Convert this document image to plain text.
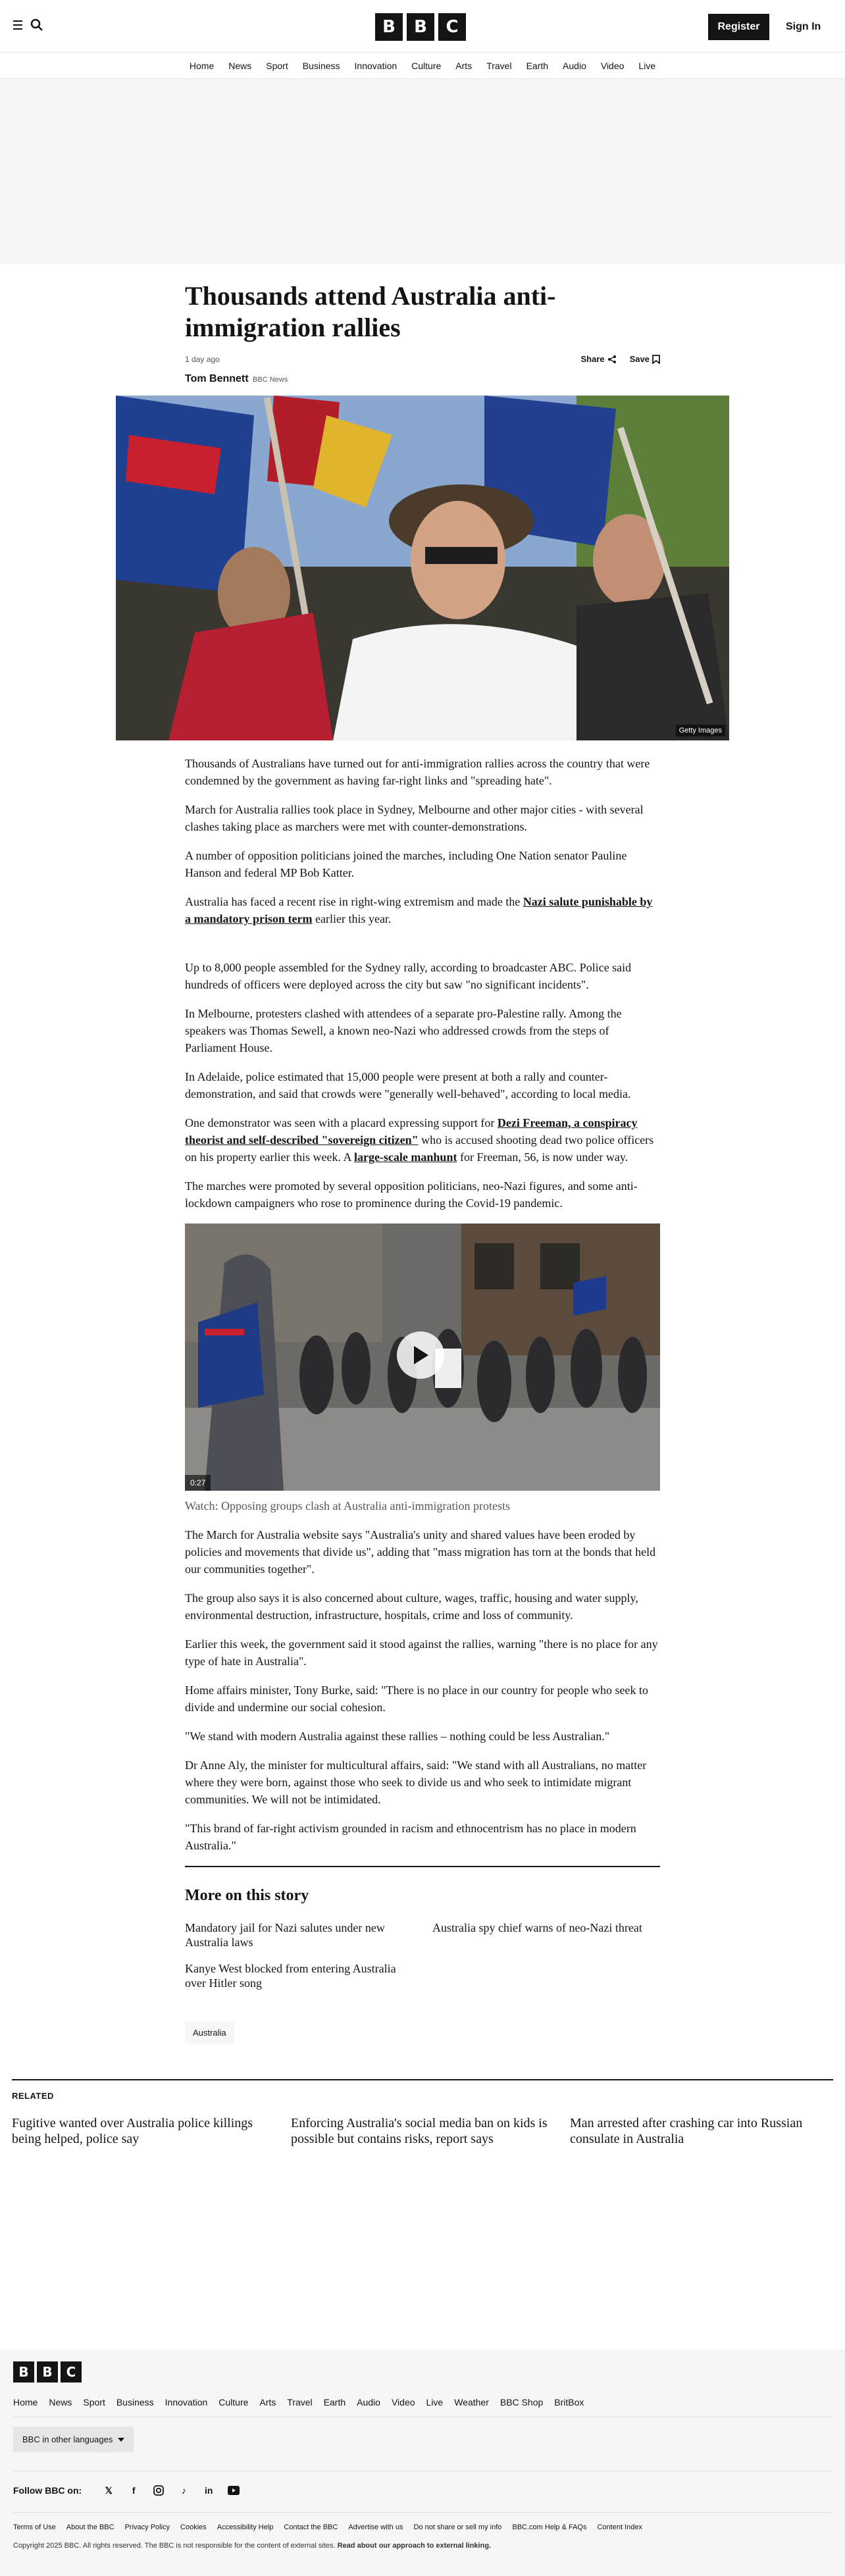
B	B	C	Register	Sign In
Home News Sport Business Innovation Culture Arts Travel Earth Audio Video Live
Thousands attend Australia anti-immigration rallies
1 day ago	Share	Save
Tom Bennett BBC News
Getty Images

Thousands of Australians have turned out for anti-immigration rallies across the country that were condemned by the government as having far-right links and "spreading hate".

March for Australia rallies took place in Sydney, Melbourne and other major cities - with several clashes taking place as marchers were met with counter-demonstrations.

A number of opposition politicians joined the marches, including One Nation senator Pauline Hanson and federal MP Bob Katter.

Australia has faced a recent rise in right-wing extremism and made the Nazi salute punishable by a mandatory prison term earlier this year.

Up to 8,000 people assembled for the Sydney rally, according to broadcaster ABC. Police said hundreds of officers were deployed across the city but saw "no significant incidents".

In Melbourne, protesters clashed with attendees of a separate pro-Palestine rally. Among the speakers was Thomas Sewell, a known neo-Nazi who addressed crowds from the steps of Parliament House.

In Adelaide, police estimated that 15,000 people were present at both a rally and counter-demonstration, and said that crowds were "generally well-behaved", according to local media.

One demonstrator was seen with a placard expressing support for Dezi Freeman, a conspiracy theorist and self-described "sovereign citizen" who is accused shooting dead two police officers on his property earlier this week. A large-scale manhunt for Freeman, 56, is now under way.

The marches were promoted by several opposition politicians, neo-Nazi figures, and some anti-lockdown campaigners who rose to prominence during the Covid-19 pandemic.

0:27

Watch: Opposing groups clash at Australia anti-immigration protests

The March for Australia website says "Australia's unity and shared values have been eroded by policies and movements that divide us", adding that "mass migration has torn at the bonds that held our communities together".

The group also says it is also concerned about culture, wages, traffic, housing and water supply, environmental destruction, infrastructure, hospitals, crime and loss of community.

Earlier this week, the government said it stood against the rallies, warning "there is no place for any type of hate in Australia".

Home affairs minister, Tony Burke, said: "There is no place in our country for people who seek to divide and undermine our social cohesion.

"We stand with modern Australia against these rallies – nothing could be less Australian."

Dr Anne Aly, the minister for multicultural affairs, said: "We stand with all Australians, no matter where they were born, against those who seek to divide us and who seek to intimidate migrant communities. We will not be intimidated.

"This brand of far-right activism grounded in racism and ethnocentrism has no place in modern Australia."

More on this story
Mandatory jail for Nazi salutes under new Australia laws
Australia spy chief warns of neo-Nazi threat
Kanye West blocked from entering Australia over Hitler song
Australia
RELATED
Fugitive wanted over Australia police killings being helped, police say
Enforcing Australia's social media ban on kids is possible but contains risks, report says
Man arrested after crashing car into Russian consulate in Australia
B	B	C
Home News Sport Business Innovation Culture Arts Travel Earth Audio Video Live Weather BBC Shop BritBox
BBC in other languages
Follow BBC on:	𝕏	f	♪	in
Terms of Use About the BBC Privacy Policy Cookies Accessibility Help Contact the BBC Advertise with us Do not share or sell my info BBC.com Help & FAQs Content Index

Copyright 2025 BBC. All rights reserved. The BBC is not responsible for the content of external sites. Read about our approach to external linking.
